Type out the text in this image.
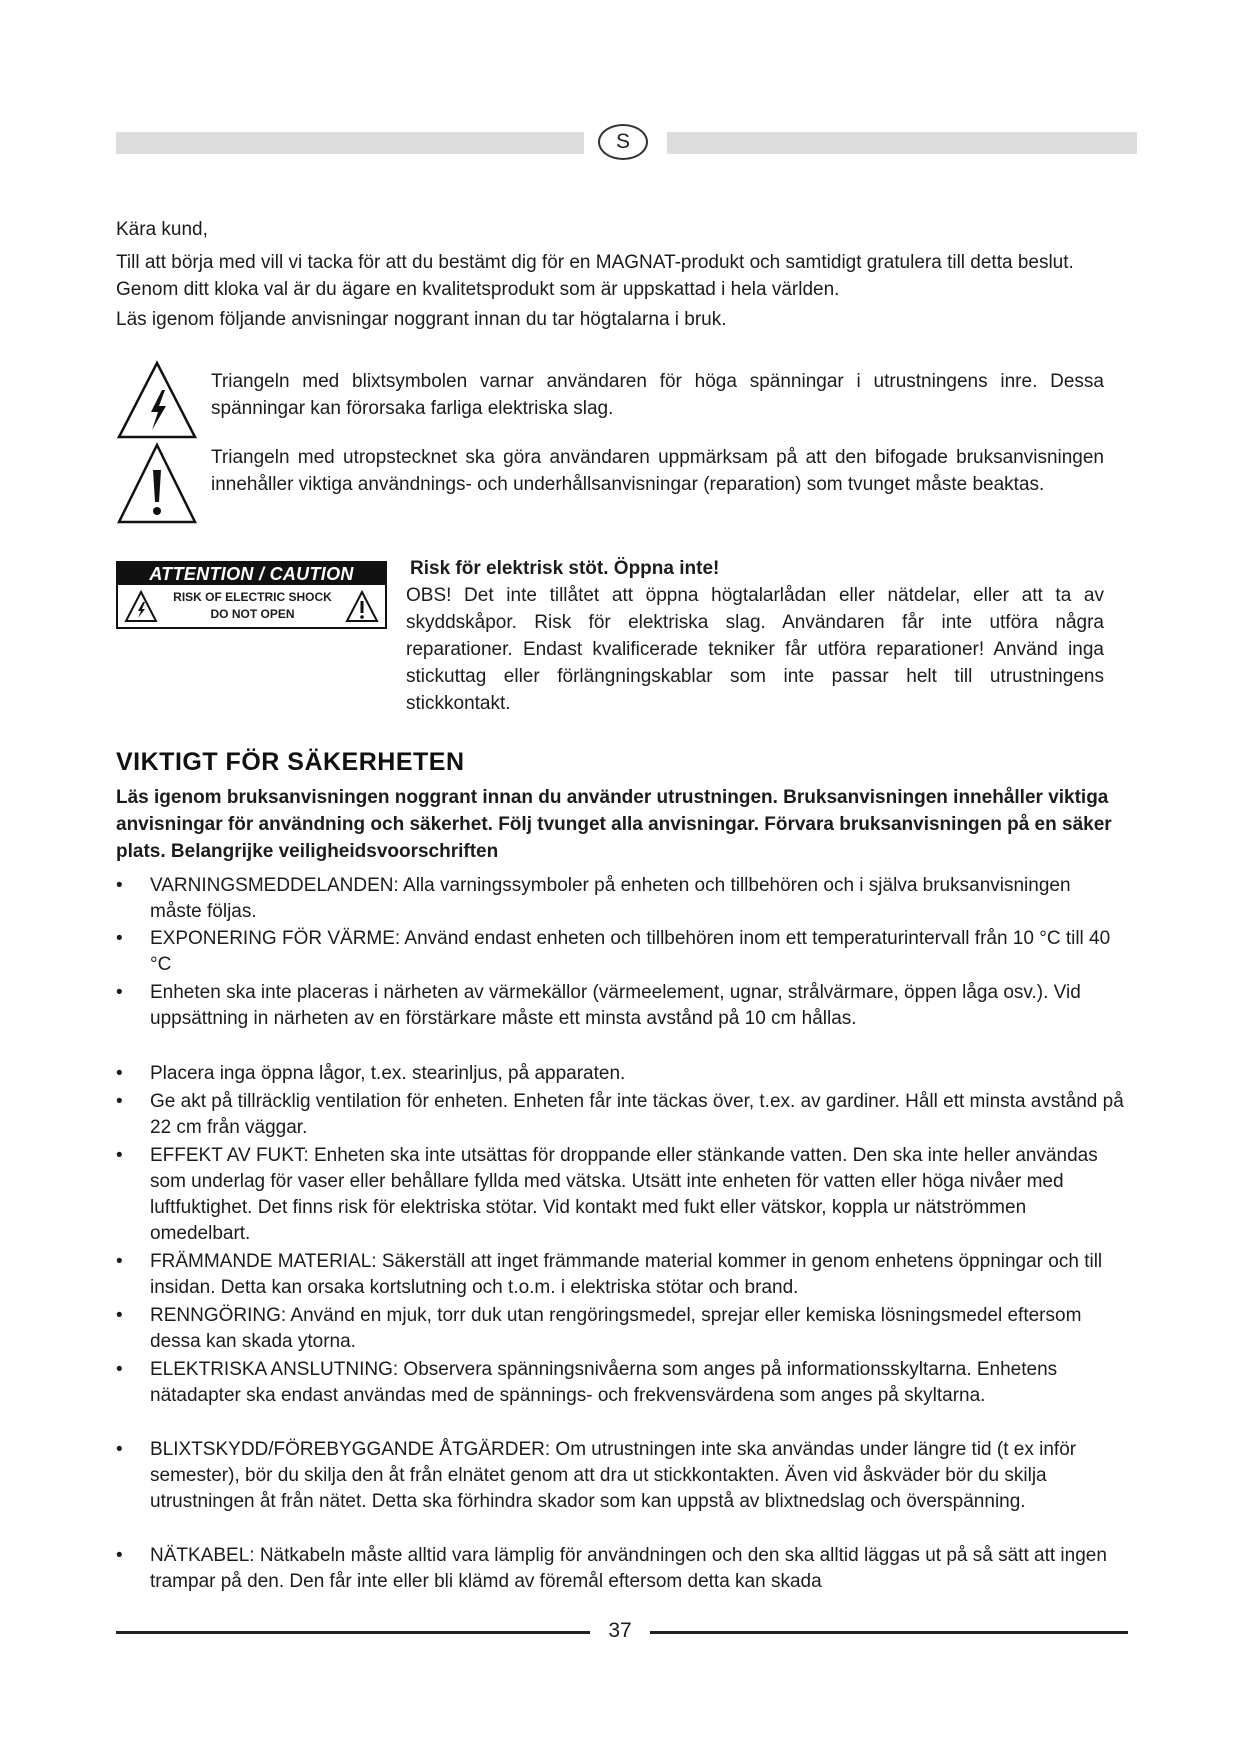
S

Kära kund,

Till att börja med vill vi tacka för att du bestämt dig för en MAGNAT-produkt och samtidigt gratulera till detta beslut. Genom ditt kloka val är du ägare en kvalitetsprodukt som är uppskattad i hela världen.

Läs igenom följande anvisningar noggrant innan du tar högtalarna i bruk.

Triangeln med blixtsymbolen varnar användaren för höga spänningar i utrustningens inre. Dessa spänningar kan förorsaka farliga elektriska slag.

Triangeln med utropstecknet ska göra användaren uppmärksam på att den bifogade bruksanvisningen innehåller viktiga användnings- och underhållsanvisningar (reparation) som tvunget måste beaktas.

ATTENTION / CAUTION
RISK OF ELECTRIC SHOCK
DO NOT OPEN

Risk för elektrisk stöt. Öppna inte!

OBS! Det inte tillåtet att öppna högtalarlådan eller nätdelar, eller att ta av skyddskåpor. Risk för elektriska slag. Användaren får inte utföra några reparationer. Endast kvalificerade tekniker får utföra reparationer! Använd inga stickuttag eller förlängningskablar som inte passar helt till utrustningens stickkontakt.

VIKTIGT FÖR SÄKERHETEN

Läs igenom bruksanvisningen noggrant innan du använder utrustningen. Bruksanvisningen innehåller viktiga anvisningar för användning och säkerhet. Följ tvunget alla anvisningar. Förvara bruksanvisningen på en säker plats. Belangrijke veiligheidsvoorschriften

• VARNINGSMEDDELANDEN: Alla varningssymboler på enheten och tillbehören och i själva bruksanvisningen måste följas.
• EXPONERING FÖR VÄRME: Använd endast enheten och tillbehören inom ett temperaturintervall från 10 °C till 40 °C
• Enheten ska inte placeras i närheten av värmekällor (värmeelement, ugnar, strålvärmare, öppen låga osv.). Vid uppsättning in närheten av en förstärkare måste ett minsta avstånd på 10 cm hållas.
• Placera inga öppna lågor, t.ex. stearinljus, på apparaten.
• Ge akt på tillräcklig ventilation för enheten. Enheten får inte täckas över, t.ex. av gardiner. Håll ett minsta avstånd på 22 cm från väggar.
• EFFEKT AV FUKT: Enheten ska inte utsättas för droppande eller stänkande vatten. Den ska inte heller användas som underlag för vaser eller behållare fyllda med vätska. Utsätt inte enheten för vatten eller höga nivåer med luftfuktighet. Det finns risk för elektriska stötar. Vid kontakt med fukt eller vätskor, koppla ur nätströmmen omedelbart.
• FRÄMMANDE MATERIAL: Säkerställ att inget främmande material kommer in genom enhetens öppningar och till insidan. Detta kan orsaka kortslutning och t.o.m. i elektriska stötar och brand.
• RENNGÖRING: Använd en mjuk, torr duk utan rengöringsmedel, sprejar eller kemiska lösningsmedel eftersom dessa kan skada ytorna.
• ELEKTRISKA ANSLUTNING: Observera spänningsnivåerna som anges på informationsskyltarna. Enhetens nätadapter ska endast användas med de spännings- och frekvensvärdena som anges på skyltarna.
• BLIXTSKYDD/FÖREBYGGANDE ÅTGÄRDER: Om utrustningen inte ska användas under längre tid (t ex inför semester), bör du skilja den åt från elnätet genom att dra ut stickkontakten. Även vid åskväder bör du skilja utrustningen åt från nätet. Detta ska förhindra skador som kan uppstå av blixtnedslag och överspänning.
• NÄTKABEL: Nätkabeln måste alltid vara lämplig för användningen och den ska alltid läggas ut på så sätt att ingen trampar på den. Den får inte eller bli klämd av föremål eftersom detta kan skada
37
